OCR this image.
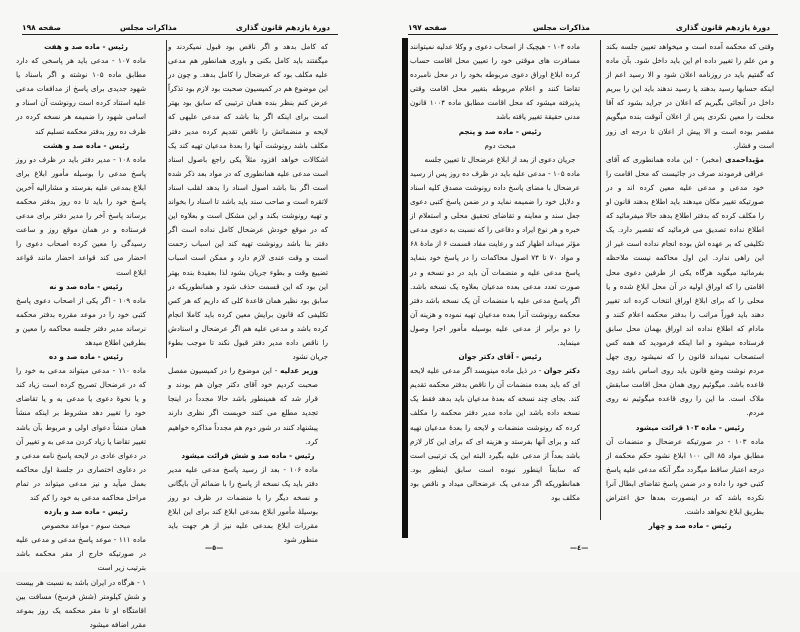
دورهٔ یازدهم قانون گذاری
مذاکرات مجلس
صفحه ۱۹۷

وقتی که محکمه آمده است و میخواهد تعیین جلسه بکند و من علم را تغییر داده ام این باید داخل شود. بآن ماده که گفتیم باید در روزنامه اعلان شود و الا رسید اعم از اینکه حسابها رسید بدهند یا رسید ندهند باید این را ببریم داخل در آنجائی بگیریم که اعلان در جراید بشود که آقا محلت را معین نکردی پس از اعلان آنوقت بنده میگویم مقصر بوده است و الا پیش از اعلان تا درجه ای زور است و فشار.

مؤیداحمدی (مخبر) - این ماده همانطوری که آقای عراقی فرمودند صرف در جائیست که محل اقامت را خود مدعی و مدعی علیه معین کرده اند و در صورتیکه تغییر مکان میدهند باید اطلاع بدهند قانون او را مکلف کرده که بدفتر اطلاع بدهد حالا میفرمائید که اطلاع نداده تصدیق می فرمائید که تقصیر دارد. یک تکلیفی که بر عهده اش بوده انجام نداده است غیر از این راهی ندارد. این اول محاکمه نیست ملاحظه بفرمائید میگوید هرگاه یکی از طرفین دعوی محل اقامتی را که اوراق اولیه در آن محل ابلاغ شده و یا محلی را که برای ابلاغ اوراق انتخاب کرده اند تغییر دهند باید فوراً مراتب را بدفتر محکمه اعلام کنند و مادام که اطلاع نداده اند اوراق بهمان محل سابق فرستاده میشود و اما اینکه فرمودید که همه کس استصحاب نمیداند قانون را که نمیشود روی جهل مردم نوشت وضع قانون باید روی اساس باشد روی قاعده باشد. میگوئیم روی همان محل اقامت سابقش ملاک است. ما این را روی قاعده میگوئیم نه روی مردم.

رئیس - ماده ۱۰۳ قرائت میشود

ماده ۱۰۳ - در صورتیکه عرضحال و منضمات آن مطابق مواد ۸۵ الی ۱۰۰ ابلاغ نشود حکم محکمه از درجه اعتبار ساقط میگردد مگر آنکه مدعی علیه پاسخ کتبی خود را داده و در ضمن پاسخ تقاضای ابطال آنرا نکرده باشد که در اینصورت بعدها حق اعتراض بطریق ابلاغ نخواهد داشت.

رئیس - ماده صد و چهار

ماده ۱۰۴ - هیچیک از اصحاب دعوی و وکلا عدلیه نمیتوانند مسافرت های موقتی خود را تعیین محل اقامت حساب کرده ابلاغ اوراق دعوی مربوطه بخود را در محل نامبرده تقاضا کنند و اعلام مربوطه بتغییر محل اقامت وقتی پذیرفته میشود که محل اقامت مطابق ماده ۱۰۰۴ قانون مدنی حقیقة تغییر یافته باشد

رئیس - ماده صد و پنجم

مبحث دوم

جریان دعوی از بعد از ابلاغ عرضحال تا تعیین جلسه

ماده ۱۰۵ - مدعی علیه باید در ظرف ده روز پس از رسید عرضحال با مضای پاسخ داده رونوشت مصدق کلیه اسناد و دلایل خود را ضمیمه نماید و در ضمن پاسخ کتبی دعوی جعل سند و معاینه و تقاضای تحقیق محلی و استعلام از خبره و هر نوع ایراد و دفاعی را که نسبت به دعوی مدعی مؤثر میداند اظهار کند و رعایت مفاد قسمت ۶ از مادهٔ ۶۸ و مواد ۷۰ تا ۷۴ اصول محاکمات را در پاسخ خود بنماید پاسخ مدعی علیه و منضمات آن باید در دو نسخه و در صورت تعدد مدعی بعده مدعیان بعلاوه یک نسخه باشد. اگر پاسخ مدعی علیه با منضمات آن یک نسخه باشد دفتر محکمه رونوشت آنرا بعده مدعیان تهیه نموده و هزینه آن را دو برابر از مدعی علیه بوسیله مأمور اجرا وصول مینماید.

رئیس - آقای دکتر جوان

دکتر جوان - در ذیل ماده مینویسد اگر مدعی علیه لایحه ای که باید بعده منضمات آن را ناقص بدفتر محکمه تقدیم کند. بجای چند نسخه که بعدهٔ مدعیان باید بدهد فقط یک نسخه داده باشد این ماده مدیر دفتر محکمه را مکلف کرده که رونوشت منضمات و لایحه را بعدهٔ مدعیان تهیه کند و برای آنها بفرستد و هزینه ای که برای این کار لازم باشد بعداً از مدعی علیه بگیرد البته این یک ترتیبی است که سابقاً اینطور نبوده است سابق اینطور بود. همانطوریکه اگر مدعی یک عرضحالی میداد و ناقص بود مکلف بود

—٤—
دورهٔ یازدهم قانون گذاری
مذاکرات مجلس
صفحه ۱۹۸

که کامل بدهد و اگر ناقص بود قبول نمیکردند و میگفتند باید کامل بکنی و باوری همانطور هم مدعی علیه مکلف بود که عرضحال را کامل بدهد. و چون در این موضوع هم در کمیسیون صحبت بود لازم بود تذکراً عرض کنم بنظر بنده همان ترتیبی که سابق بود بهتر است برای اینکه اگر بنا باشد که مدعی علیهی که لایحه و منضماتش را ناقص تقدیم کرده مدیر دفتر مکلف باشد رونوشت آنها را بعدهٔ مدعیان تهیه کند یک اشکالات خواهد افزود مثلاً یکی راجع باصول اسناد است مدعی علیه همانطوری که در مواد بعد ذکر شده است اگر بنا باشد اصول اسناد را بدهد لقلب اسناد لاتقره است و صاحب سند باید باشد تا اسناد را بخواند و تهیه رونوشت بکند و این مشکل است و بعلاوه این که در موقع خودش عرضحال کامل نداده است اگر دفتر بنا باشد رونوشت تهیه کند این اسباب زحمت است و وقت عندی لازم دارد و ممکن است اسباب تضییع وقت و بطوء جریان بشود لذا بعقیدهٔ بنده بهتر این بود که این قسمت حذف شود و همانطوریکه در سابق بود نظیر همان قاعدهٔ کلی که داریم که هر کس تکلیفی که قانون برایش معین کرده باید کاملا انجام کرده باشد و مدعی علیه هم اگر عرضحال و اسنادش را ناقص داده مدیر دفتر قبول نکند تا موجب بطوء جریان نشود

وزیر عدلیه - این موضوع را در کمیسیون مفصل صحبت کردیم خود آقای دکتر جوان هم بودند و قرار شد که همینطور باشد حالا مجدداً در اینجا تجدید مطلع می کنند خوبست اگر نظری دارند پیشنهاد کنند در شور دوم هم مجدداً مذاکره خواهیم کرد.

رئیس - ماده صد و شش قرائت میشود

ماده ۱۰۶ - بعد از رسید پاسخ مدعی علیه مدیر دفتر باید یک نسخه از پاسخ را با ضمائم آن بایگانی و نسخه دیگر را با منضمات در ظرف دو روز بوسیلهٔ مأمور ابلاغ بمدعی ابلاغ کند برای این ابلاغ مقررات ابلاغ بمدعی علیه نیز از هر جهت باید منظور شود

رئیس - ماده صد و هفت

ماده ۱۰۷ - مدعی باید هر پاسخی که دارد مطابق ماده ۱۰۵ نوشته و اگر باسناد یا شهود جدیدی برای پاسخ از مدافعات مدعی علیه استناد کرده است رونوشت آن اسناد و اسامی شهود را ضمیمه هر نسخه کرده در ظرف ده روز بدفتر محکمه تسلیم کند

رئیس - ماده صد و هشت

ماده ۱۰۸ - مدیر دفتر باید در ظرف دو روز پاسخ مدعی را بوسیله مأمور ابلاغ برای ابلاغ بمدعی علیه بفرستد و مشارالیه آخرین پاسخ خود را باید تا ده روز بدفتر محکمه برساند پاسخ آخر را مدیر دفتر برای مدعی فرستاده و در همان موقع روز و ساعت رسیدگی را معین کرده اصحاب دعوی را احضار می کند قواعد احضار مانند قواعد ابلاغ است

رئیس - ماده صد و نه

ماده ۱۰۹ - اگر یکی از اصحاب دعوی پاسخ کتبی خود را در موعد مقرره بدفتر محکمه نرساند مدیر دفتر جلسه محاکمه را معین و بطرفین اطلاع میدهد

رئیس - ماده صد و ده

ماده ۱۱۰ - مدعی میتواند مدعی به خود را که در عرضحال تصریح کرده است زیاد کند و یا نحوهٔ دعوی یا مدعی به و یا تقاضای خود را تغییر دهد مشروط بر اینکه منشأ همان منشأ دعوای اولی و مربوط بآن باشد تغییر تقاضا یا زیاد کردن مدعی به و تغییر آن در دعوای عادی در لایحه پاسخ نامه مدعی و در دعاوی اختصاری در جلسهٔ اول محاکمه بعمل میآید و نیز مدعی میتواند در تمام مراحل محاکمه مدعی به خود را کم کند

رئیس - ماده صد و یازده

مبحث سوم - مواعد مخصوص

ماده ۱۱۱ - موعد پاسخ مدعی و مدعی علیه در صورتیکه خارج از مقر محکمه باشد بترتیب زیر است

۱ - هرگاه در ایران باشد به نسبت هر بیست و شش کیلومتر (شش فرسخ) مسافت بین اقامتگاه او تا مقر محکمه یک روز بموعد مقرر اضافه میشود

—٥—
